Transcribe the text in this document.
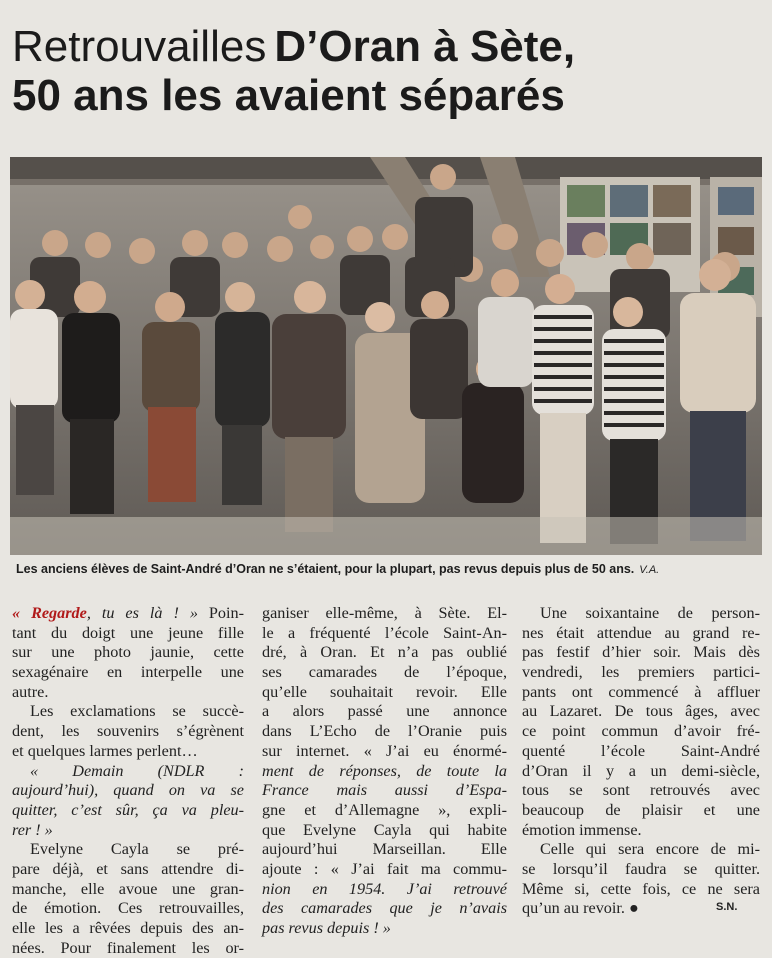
Retrouvailles D’Oran à Sète,
50 ans les avaient séparés
Les anciens élèves de Saint-André d’Oran ne s’étaient, pour la plupart, pas revus depuis plus de 50 ans. V.A.
« Regarde, tu es là ! » Poin-
tant du doigt une jeune fille
sur une photo jaunie, cette
sexagénaire en interpelle une
autre.
Les exclamations se succè-
dent, les souvenirs s’égrènent
et quelques larmes perlent…
« Demain (NDLR :
aujourd’hui), quand on va se
quitter, c’est sûr, ça va pleu-
rer ! »
Evelyne Cayla se pré-
pare déjà, et sans attendre di-
manche, elle avoue une gran-
de émotion. Ces retrouvailles,
elle les a rêvées depuis des an-
nées. Pour finalement les or-
ganiser elle-même, à Sète. El-
le a fréquenté l’école Saint-An-
dré, à Oran. Et n’a pas oublié
ses camarades de l’époque,
qu’elle souhaitait revoir. Elle
a alors passé une annonce
dans L’Echo de l’Oranie puis
sur internet. « J’ai eu énormé-
ment de réponses, de toute la
France mais aussi d’Espa-
gne et d’Allemagne », expli-
que Evelyne Cayla qui habite
aujourd’hui Marseillan. Elle
ajoute : « J’ai fait ma commu-
nion en 1954. J’ai retrouvé
des camarades que je n’avais
pas revus depuis ! »
Une soixantaine de person-
nes était attendue au grand re-
pas festif d’hier soir. Mais dès
vendredi, les premiers partici-
pants ont commencé à affluer
au Lazaret. De tous âges, avec
ce point commun d’avoir fré-
quenté l’école Saint-André
d’Oran il y a un demi-siècle,
tous se sont retrouvés avec
beaucoup de plaisir et une
émotion immense.
Celle qui sera encore de mi-
se lorsqu’il faudra se quitter.
Même si, cette fois, ce ne sera
qu’un au revoir. ●	S.N.
